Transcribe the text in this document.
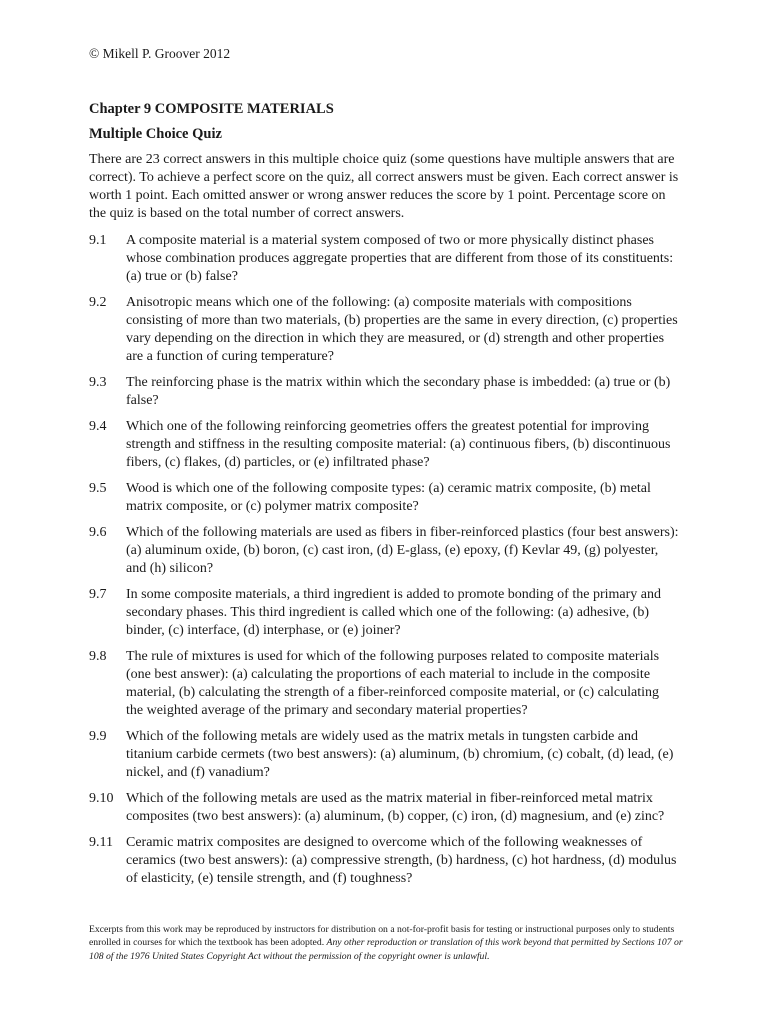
© Mikell P. Groover 2012
Chapter 9 COMPOSITE MATERIALS
Multiple Choice Quiz

There are 23 correct answers in this multiple choice quiz (some questions have multiple answers that are correct). To achieve a perfect score on the quiz, all correct answers must be given. Each correct answer is worth 1 point. Each omitted answer or wrong answer reduces the score by 1 point. Percentage score on the quiz is based on the total number of correct answers.

9.1	A composite material is a material system composed of two or more physically distinct phases whose combination produces aggregate properties that are different from those of its constituents: (a) true or (b) false?
9.2	Anisotropic means which one of the following: (a) composite materials with compositions consisting of more than two materials, (b) properties are the same in every direction, (c) properties vary depending on the direction in which they are measured, or (d) strength and other properties are a function of curing temperature?
9.3	The reinforcing phase is the matrix within which the secondary phase is imbedded: (a) true or (b) false?
9.4	Which one of the following reinforcing geometries offers the greatest potential for improving strength and stiffness in the resulting composite material: (a) continuous fibers, (b) discontinuous fibers, (c) flakes, (d) particles, or (e) infiltrated phase?
9.5	Wood is which one of the following composite types: (a) ceramic matrix composite, (b) metal matrix composite, or (c) polymer matrix composite?
9.6	Which of the following materials are used as fibers in fiber-reinforced plastics (four best answers): (a) aluminum oxide, (b) boron, (c) cast iron, (d) E-glass, (e) epoxy, (f) Kevlar 49, (g) polyester, and (h) silicon?
9.7	In some composite materials, a third ingredient is added to promote bonding of the primary and secondary phases. This third ingredient is called which one of the following: (a) adhesive, (b) binder, (c) interface, (d) interphase, or (e) joiner?
9.8	The rule of mixtures is used for which of the following purposes related to composite materials (one best answer): (a) calculating the proportions of each material to include in the composite material, (b) calculating the strength of a fiber-reinforced composite material, or (c) calculating the weighted average of the primary and secondary material properties?
9.9	Which of the following metals are widely used as the matrix metals in tungsten carbide and titanium carbide cermets (two best answers): (a) aluminum, (b) chromium, (c) cobalt, (d) lead, (e) nickel, and (f) vanadium?
9.10 Which of the following metals are used as the matrix material in fiber-reinforced metal matrix composites (two best answers): (a) aluminum, (b) copper, (c) iron, (d) magnesium, and (e) zinc?
9.11 Ceramic matrix composites are designed to overcome which of the following weaknesses of ceramics (two best answers): (a) compressive strength, (b) hardness, (c) hot hardness, (d) modulus of elasticity, (e) tensile strength, and (f) toughness?

Excerpts from this work may be reproduced by instructors for distribution on a not-for-profit basis for testing or instructional purposes only to students enrolled in courses for which the textbook has been adopted. Any other reproduction or translation of this work beyond that permitted by Sections 107 or 108 of the 1976 United States Copyright Act without the permission of the copyright owner is unlawful.
